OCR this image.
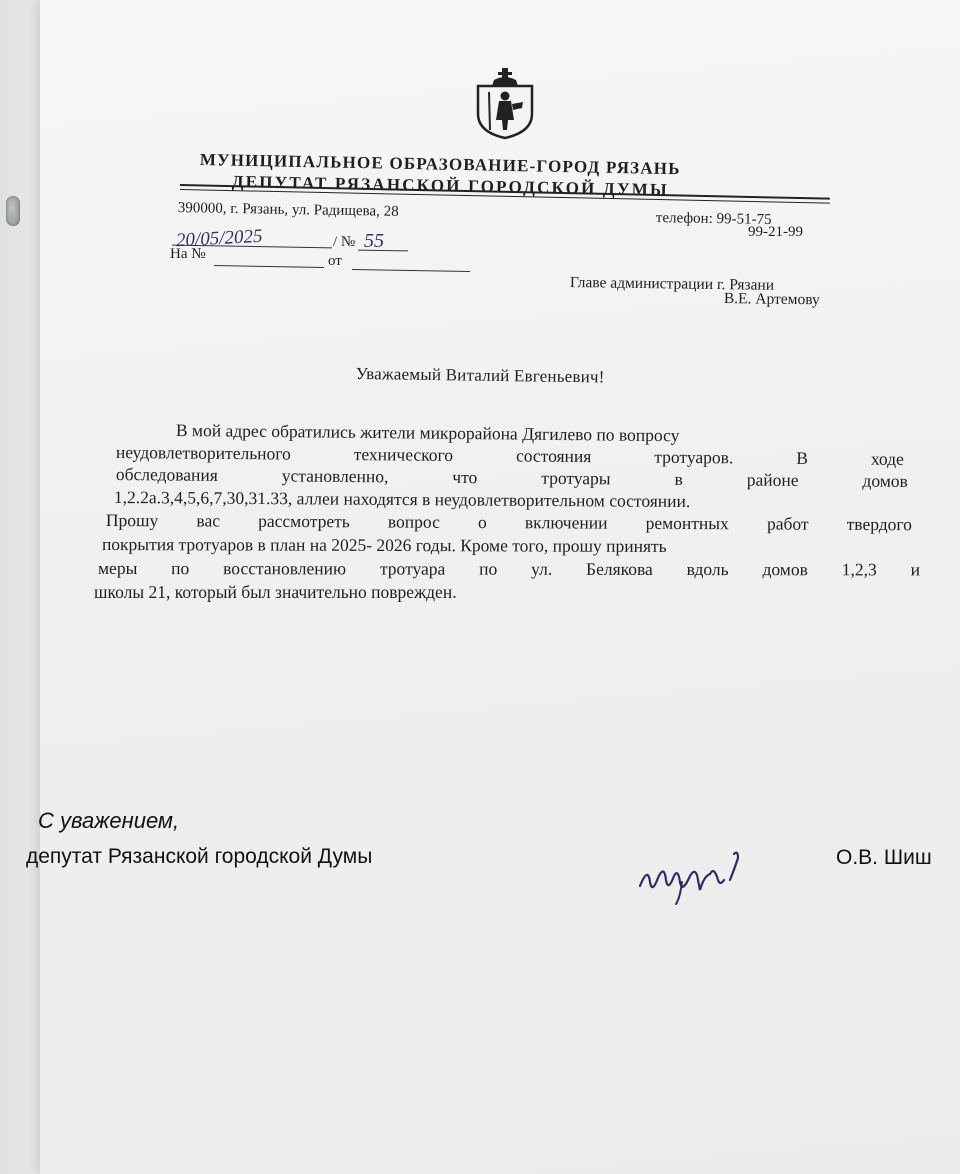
МУНИЦИПАЛЬНОЕ ОБРАЗОВАНИЕ-ГОРОД РЯЗАНЬ
ДЕПУТАТ РЯЗАНСКОЙ ГОРОДСКОЙ ДУМЫ
390000, г. Рязань, ул. Радищева, 28	телефон: 99-51-75
99-21-99
20/05/2025	/ № 55
На №	от
Главе администрации г. Рязани
В.Е. Артемову
Уважаемый Виталий Евгеньевич!
В мой адрес обратились жители микрорайона Дягилево по вопросу
неудовлетворительного технического состояния тротуаров. В ходе
обследования установленно, что тротуары в районе домов
1,2.2а.3,4,5,6,7,30,31.33, аллеи находятся в неудовлетворительном состоянии.
Прошу вас рассмотреть вопрос о включении ремонтных работ твердого
покрытия тротуаров в план на 2025- 2026 годы. Кроме того, прошу принять
меры по восстановлению тротуара по ул. Белякова вдоль домов 1,2,3 и
школы 21, который был значительно поврежден.
С уважением,
депутат Рязанской городской Думы	О.В. Шиш
